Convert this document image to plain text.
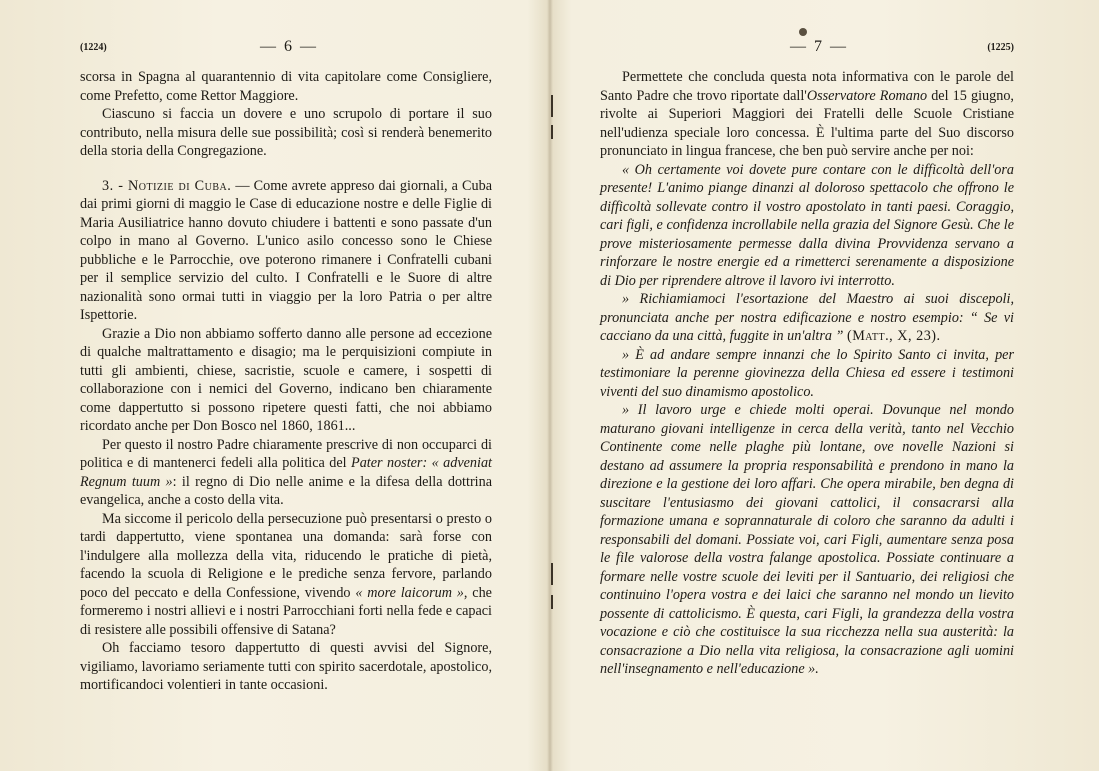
(1224)	— 6 —

scorsa in Spagna al quarantennio di vita capitolare come Consigliere, come Prefetto, come Rettor Maggiore.

Ciascuno si faccia un dovere e uno scrupolo di portare il suo contributo, nella misura delle sue possibilità; così si renderà benemerito della storia della Congregazione.

3. - Notizie di Cuba. — Come avrete appreso dai giornali, a Cuba dai primi giorni di maggio le Case di educazione nostre e delle Figlie di Maria Ausiliatrice hanno dovuto chiudere i battenti e sono passate d'un colpo in mano al Governo. L'unico asilo concesso sono le Chiese pubbliche e le Parrocchie, ove poterono rimanere i Confratelli cubani per il semplice servizio del culto. I Confratelli e le Suore di altre nazionalità sono ormai tutti in viaggio per la loro Patria o per altre Ispettorie.

Grazie a Dio non abbiamo sofferto danno alle persone ad eccezione di qualche maltrattamento e disagio; ma le perquisizioni compiute in tutti gli ambienti, chiese, sacristie, scuole e camere, i sospetti di collaborazione con i nemici del Governo, indicano ben chiaramente come dappertutto si possono ripetere questi fatti, che noi abbiamo ricordato anche per Don Bosco nel 1860, 1861...

Per questo il nostro Padre chiaramente prescrive di non occuparci di politica e di mantenerci fedeli alla politica del Pater noster: « adveniat Regnum tuum »: il regno di Dio nelle anime e la difesa della dottrina evangelica, anche a costo della vita.

Ma siccome il pericolo della persecuzione può presentarsi o presto o tardi dappertutto, viene spontanea una domanda: sarà forse con l'indulgere alla mollezza della vita, riducendo le pratiche di pietà, facendo la scuola di Religione e le prediche senza fervore, parlando poco del peccato e della Confessione, vivendo « more laicorum », che formeremo i nostri allievi e i nostri Parrocchiani forti nella fede e capaci di resistere alle possibili offensive di Satana?

Oh facciamo tesoro dappertutto di questi avvisi del Signore, vigiliamo, lavoriamo seriamente tutti con spirito sacerdotale, apostolico, mortificandoci volentieri in tante occasioni.

— 7 —	(1225)

Permettete che concluda questa nota informativa con le parole del Santo Padre che trovo riportate dall'Osservatore Romano del 15 giugno, rivolte ai Superiori Maggiori dei Fratelli delle Scuole Cristiane nell'udienza speciale loro concessa. È l'ultima parte del Suo discorso pronunciato in lingua francese, che ben può servire anche per noi:

« Oh certamente voi dovete pure contare con le difficoltà dell'ora presente! L'animo piange dinanzi al doloroso spettacolo che offrono le difficoltà sollevate contro il vostro apostolato in tanti paesi. Coraggio, cari figli, e confidenza incrollabile nella grazia del Signore Gesù. Che le prove misteriosamente permesse dalla divina Provvidenza servano a rinforzare le nostre energie ed a rimetterci serenamente a disposizione di Dio per riprendere altrove il lavoro ivi interrotto.

» Richiamiamoci l'esortazione del Maestro ai suoi discepoli, pronunciata anche per nostra edificazione e nostro esempio: “ Se vi cacciano da una città, fuggite in un'altra ” (Matt., X, 23).

» È ad andare sempre innanzi che lo Spirito Santo ci invita, per testimoniare la perenne giovinezza della Chiesa ed essere i testimoni viventi del suo dinamismo apostolico.

» Il lavoro urge e chiede molti operai. Dovunque nel mondo maturano giovani intelligenze in cerca della verità, tanto nel Vecchio Continente come nelle plaghe più lontane, ove novelle Nazioni si destano ad assumere la propria responsabilità e prendono in mano la direzione e la gestione dei loro affari. Che opera mirabile, ben degna di suscitare l'entusiasmo dei giovani cattolici, il consacrarsi alla formazione umana e soprannaturale di coloro che saranno da adulti i responsabili del domani. Possiate voi, cari Figli, aumentare senza posa le file valorose della vostra falange apostolica. Possiate continuare a formare nelle vostre scuole dei leviti per il Santuario, dei religiosi che continuino l'opera vostra e dei laici che saranno nel mondo un lievito possente di cattolicismo. È questa, cari Figli, la grandezza della vostra vocazione e ciò che costituisce la sua ricchezza nella sua austerità: la consacrazione a Dio nella vita religiosa, la consacrazione agli uomini nell'insegnamento e nell'educazione ».
